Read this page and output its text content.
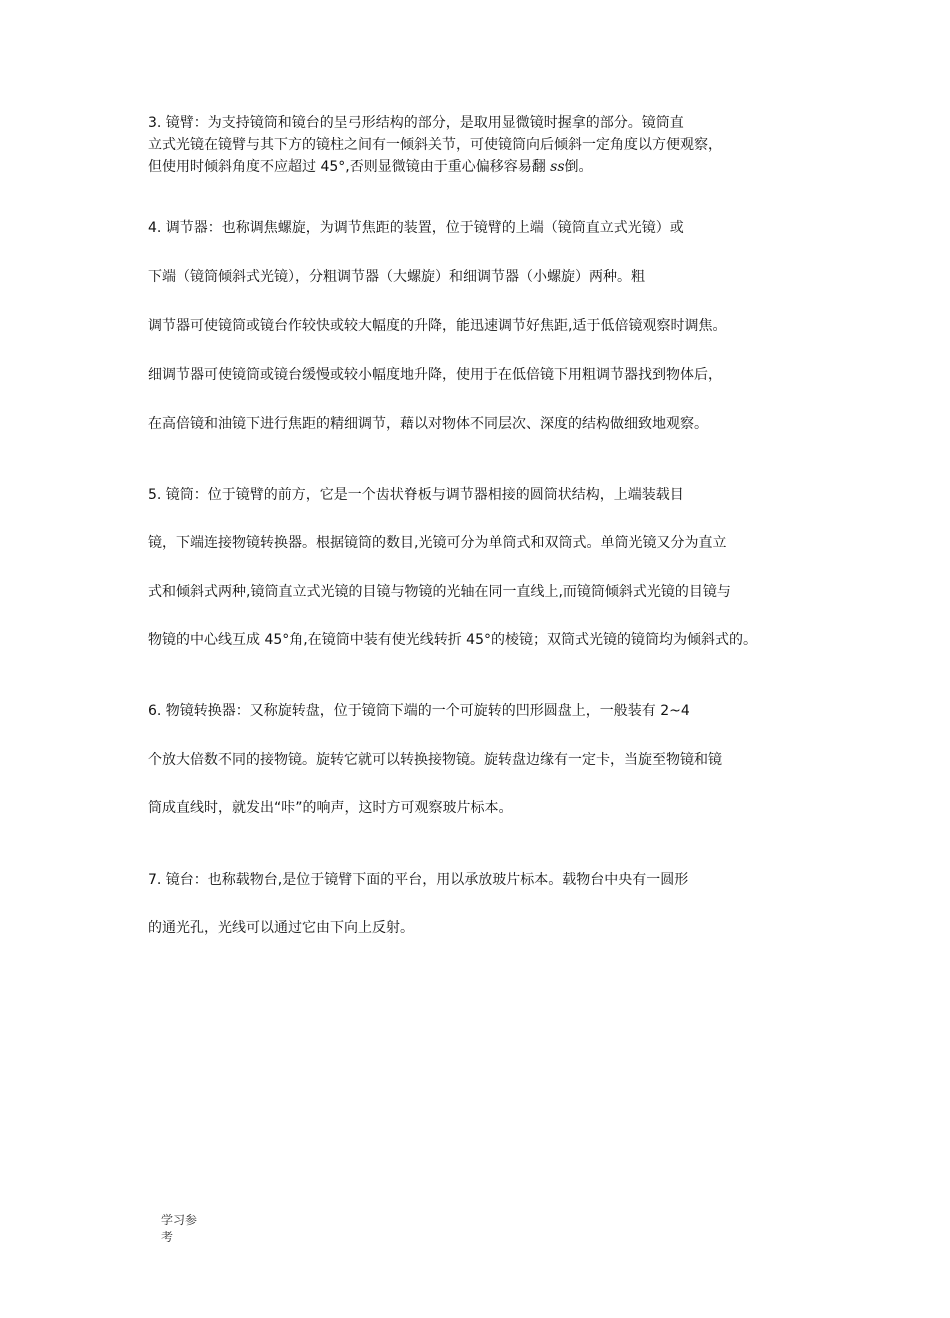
3. 镜臂：为支持镜筒和镜台的呈弓形结构的部分，是取用显微镜时握拿的部分。镜筒直
立式光镜在镜臂与其下方的镜柱之间有一倾斜关节，可使镜筒向后倾斜一定角度以方便观察，
但使用时倾斜角度不应超过 45°,否则显微镜由于重心偏移容易翻 ss倒。
4. 调节器：也称调焦螺旋，为调节焦距的装置，位于镜臂的上端（镜筒直立式光镜）或
下端（镜筒倾斜式光镜），分粗调节器（大螺旋）和细调节器（小螺旋）两种。粗
调节器可使镜筒或镜台作较快或较大幅度的升降，能迅速调节好焦距,适于低倍镜观察时调焦。
细调节器可使镜筒或镜台缓慢或较小幅度地升降，使用于在低倍镜下用粗调节器找到物体后，
在高倍镜和油镜下进行焦距的精细调节，藉以对物体不同层次、深度的结构做细致地观察。
5. 镜筒：位于镜臂的前方，它是一个齿状脊板与调节器相接的圆筒状结构，上端装载目
镜，下端连接物镜转换器。根据镜筒的数目,光镜可分为单筒式和双筒式。单筒光镜又分为直立
式和倾斜式两种,镜筒直立式光镜的目镜与物镜的光轴在同一直线上,而镜筒倾斜式光镜的目镜与
物镜的中心线互成 45°角,在镜筒中装有使光线转折 45°的棱镜；双筒式光镜的镜筒均为倾斜式的。
6. 物镜转换器：又称旋转盘，位于镜筒下端的一个可旋转的凹形圆盘上，一般装有 2~4
个放大倍数不同的接物镜。旋转它就可以转换接物镜。旋转盘边缘有一定卡，当旋至物镜和镜
筒成直线时，就发出“咔”的响声，这时方可观察玻片标本。
7. 镜台：也称载物台,是位于镜臂下面的平台，用以承放玻片标本。载物台中央有一圆形
的通光孔，光线可以通过它由下向上反射。
学习参
考
